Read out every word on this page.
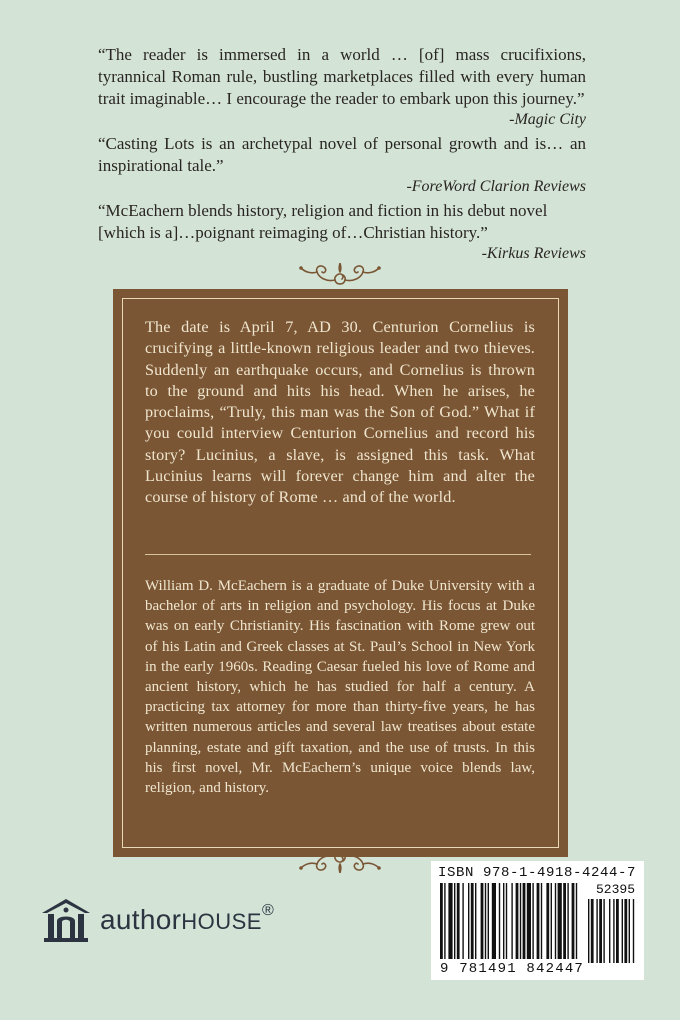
“The reader is immersed in a world … [of] mass crucifixions, tyrannical Roman rule, bustling marketplaces filled with every human trait imaginable… I encourage the reader to embark upon this journey.”

-Magic City

“Casting Lots is an archetypal novel of personal growth and is… an inspirational tale.”

-ForeWord Clarion Reviews

“McEachern blends history, religion and fiction in his debut novel [which is a]…poignant reimaging of…Christian history.”

-Kirkus Reviews

The date is April 7, AD 30. Centurion Cornelius is crucifying a little-known religious leader and two thieves. Suddenly an earthquake occurs, and Cornelius is thrown to the ground and hits his head. When he arises, he proclaims, “Truly, this man was the Son of God.” What if you could interview Centurion Cornelius and record his story? Lucinius, a slave, is assigned this task. What Lucinius learns will forever change him and alter the course of history of Rome … and of the world.

William D. McEachern is a graduate of Duke University with a bachelor of arts in religion and psychology. His focus at Duke was on early Christianity. His fascination with Rome grew out of his Latin and Greek classes at St. Paul’s School in New York in the early 1960s. Reading Caesar fueled his love of Rome and ancient history, which he has studied for half a century. A practicing tax attorney for more than thirty-five years, he has written numerous articles and several law treatises about estate planning, estate and gift taxation, and the use of trusts. In this his first novel, Mr. McEachern’s unique voice blends law, religion, and history.

authorHOUSE®

ISBN 978-1-4918-4244-7

52395

9 781491 842447
